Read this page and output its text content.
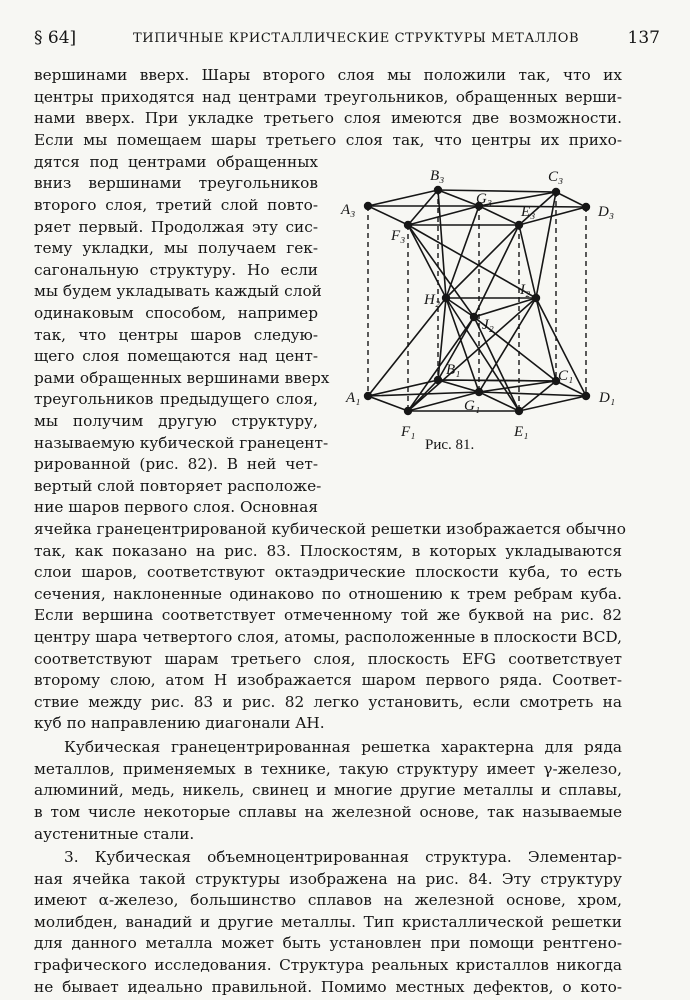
§ 64]	ТИПИЧНЫЕ КРИСТАЛЛИЧЕСКИЕ СТРУКТУРЫ МЕТАЛЛОВ	137
вершинами вверх. Шары второго слоя мы положили так, что их
центры приходятся над центрами треугольников, обращенных верши-
нами вверх. При укладке третьего слоя имеются две возможности.
Если мы помещаем шары третьего слоя так, что центры их прихо-
дятся под центрами обращенных
вниз вершинами треугольников
второго слоя, третий слой повто-
ряет первый. Продолжая эту сис-
тему укладки, мы получаем гек-
сагональную структуру. Но если
мы будем укладывать каждый слой
одинаковым способом, например
так, что центры шаров следую-
щего слоя помещаются над цент-
рами обращенных вершинами вверх
треугольников предыдущего слоя,
мы получим другую структуру,
называемую кубической гранецент-
рированной (рис. 82). В ней чет-
вертый слой повторяет расположе-
ние шаров первого слоя. Основная
ячейка гранецентрированой кубической решетки изображается обычно
так, как показано на рис. 83. Плоскостям, в которых укладываются
слои шаров, соответствуют октаэдрические плоскости куба, то есть
сечения, наклоненные одинаково по отношению к трем ребрам куба.
Если вершина соответствует отмеченному той же буквой на рис. 82
центру шара четвертого слоя, атомы, расположенные в плоскости BCD,
соответствуют шарам третьего слоя, плоскость EFG соответствует
второму слою, атом H изображается шаром первого ряда. Соответ-
ствие между рис. 83 и рис. 82 легко установить, если смотреть на
куб по направлению диагонали AH.
Кубическая гранецентрированная решетка характерна для ряда
металлов, применяемых в технике, такую структуру имеет γ-железо,
алюминий, медь, никель, свинец и многие другие металлы и сплавы,
в том числе некоторые сплавы на железной основе, так называемые
аустенитные стали.
3. Кубическая объемноцентрированная структура. Элементар-
ная ячейка такой структуры изображена на рис. 84. Эту структуру
имеют α-железо, большинство сплавов на железной основе, хром,
молибден, ванадий и другие металлы. Тип кристаллической решетки
для данного металла может быть установлен при помощи рентгено-
графического исследования. Структура реальных кристаллов никогда
не бывает идеально правильной. Помимо местных дефектов, о кото-
A₃
B₃	C₃
D₃
E₃
F₃
G₃
H₂
I₂
J₂
A₁
B₁	C₁
D₁
E₁
F₁
G₁
Рис. 81.
